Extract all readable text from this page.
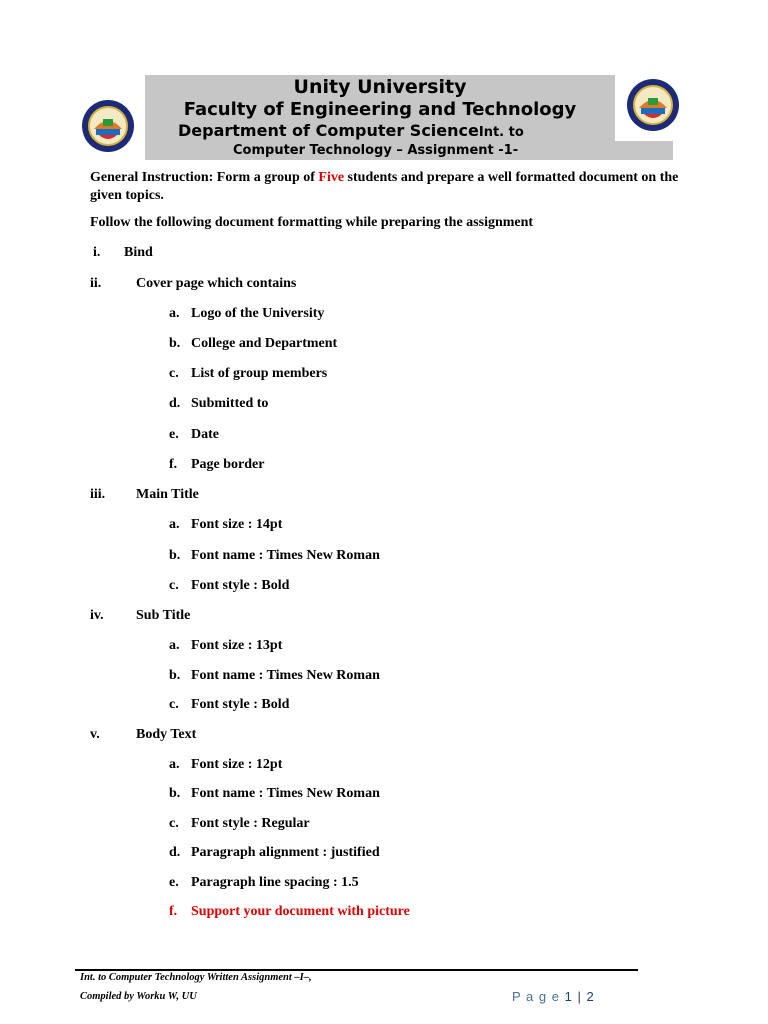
Unity University
Faculty of Engineering and Technology
Department of Computer ScienceInt. to
Computer Technology – Assignment -1-
General Instruction: Form a group of Five students and prepare a well formatted document on the given topics.
Follow the following document formatting while preparing the assignment
i. Bind
ii. Cover page which contains
a. Logo of the University
b. College and Department
c. List of group members
d. Submitted to
e. Date
f. Page border
iii. Main Title
a. Font size : 14pt
b. Font name : Times New Roman
c. Font style : Bold
iv. Sub Title
a. Font size : 13pt
b. Font name : Times New Roman
c. Font style : Bold
v.	Body Text
a. Font size : 12pt
b. Font name : Times New Roman
c. Font style : Regular
d. Paragraph alignment : justified
e. Paragraph line spacing : 1.5
f. Support your document with picture
Int. to Computer Technology Written Assignment –I–,
Compiled by Worku W, UU	P a g e 1 | 2
